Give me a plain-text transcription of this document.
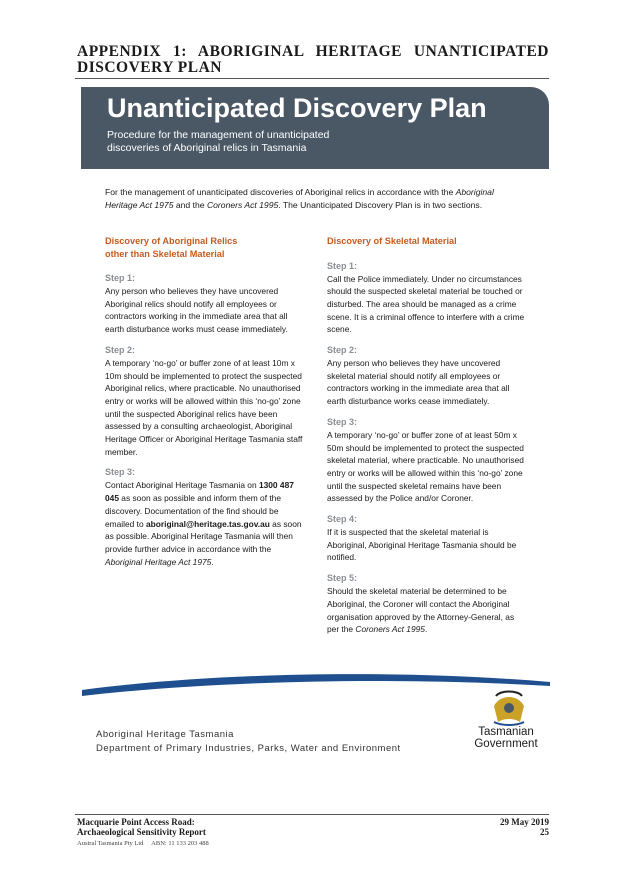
APPENDIX 1: ABORIGINAL HERITAGE UNANTICIPATED
DISCOVERY PLAN
Unanticipated Discovery Plan
Procedure for the management of unanticipated
discoveries of Aboriginal relics in Tasmania
For the management of unanticipated discoveries of Aboriginal relics in accordance with the Aboriginal Heritage Act 1975 and the Coroners Act 1995. The Unanticipated Discovery Plan is in two sections.
Discovery of Aboriginal Relics
other than Skeletal Material
Step 1:

Any person who believes they have uncovered Aboriginal relics should notify all employees or contractors working in the immediate area that all earth disturbance works must cease immediately.

Step 2:

A temporary ‘no-go’ or buffer zone of at least 10m x 10m should be implemented to protect the suspected Aboriginal relics, where practicable. No unauthorised entry or works will be allowed within this ‘no-go’ zone until the suspected Aboriginal relics have been assessed by a consulting archaeologist, Aboriginal Heritage Officer or Aboriginal Heritage Tasmania staff member.

Step 3:

Contact Aboriginal Heritage Tasmania on 1300 487 045 as soon as possible and inform them of the discovery. Documentation of the find should be emailed to aboriginal@heritage.tas.gov.au as soon as possible. Aboriginal Heritage Tasmania will then provide further advice in accordance with the Aboriginal Heritage Act 1975.

Discovery of Skeletal Material
Step 1:

Call the Police immediately. Under no circumstances should the suspected skeletal material be touched or disturbed. The area should be managed as a crime scene. It is a criminal offence to interfere with a crime scene.

Step 2:

Any person who believes they have uncovered skeletal material should notify all employees or contractors working in the immediate area that all earth disturbance works cease immediately.

Step 3:

A temporary ‘no-go’ or buffer zone of at least 50m x 50m should be implemented to protect the suspected skeletal material, where practicable. No unauthorised entry or works will be allowed within this ‘no-go’ zone until the suspected skeletal remains have been assessed by the Police and/or Coroner.

Step 4:

If it is suspected that the skeletal material is Aboriginal, Aboriginal Heritage Tasmania should be notified.

Step 5:

Should the skeletal material be determined to be Aboriginal, the Coroner will contact the Aboriginal organisation approved by the Attorney-General, as per the Coroners Act 1995.

Aboriginal Heritage Tasmania
Department of Primary Industries, Parks, Water and Environment
Tasmanian
Government
Macquarie Point Access Road:
Archaeological Sensitivity Report
29 May 2019
25
Austral Tasmania Pty Ltd     ABN: 11 133 203 488
